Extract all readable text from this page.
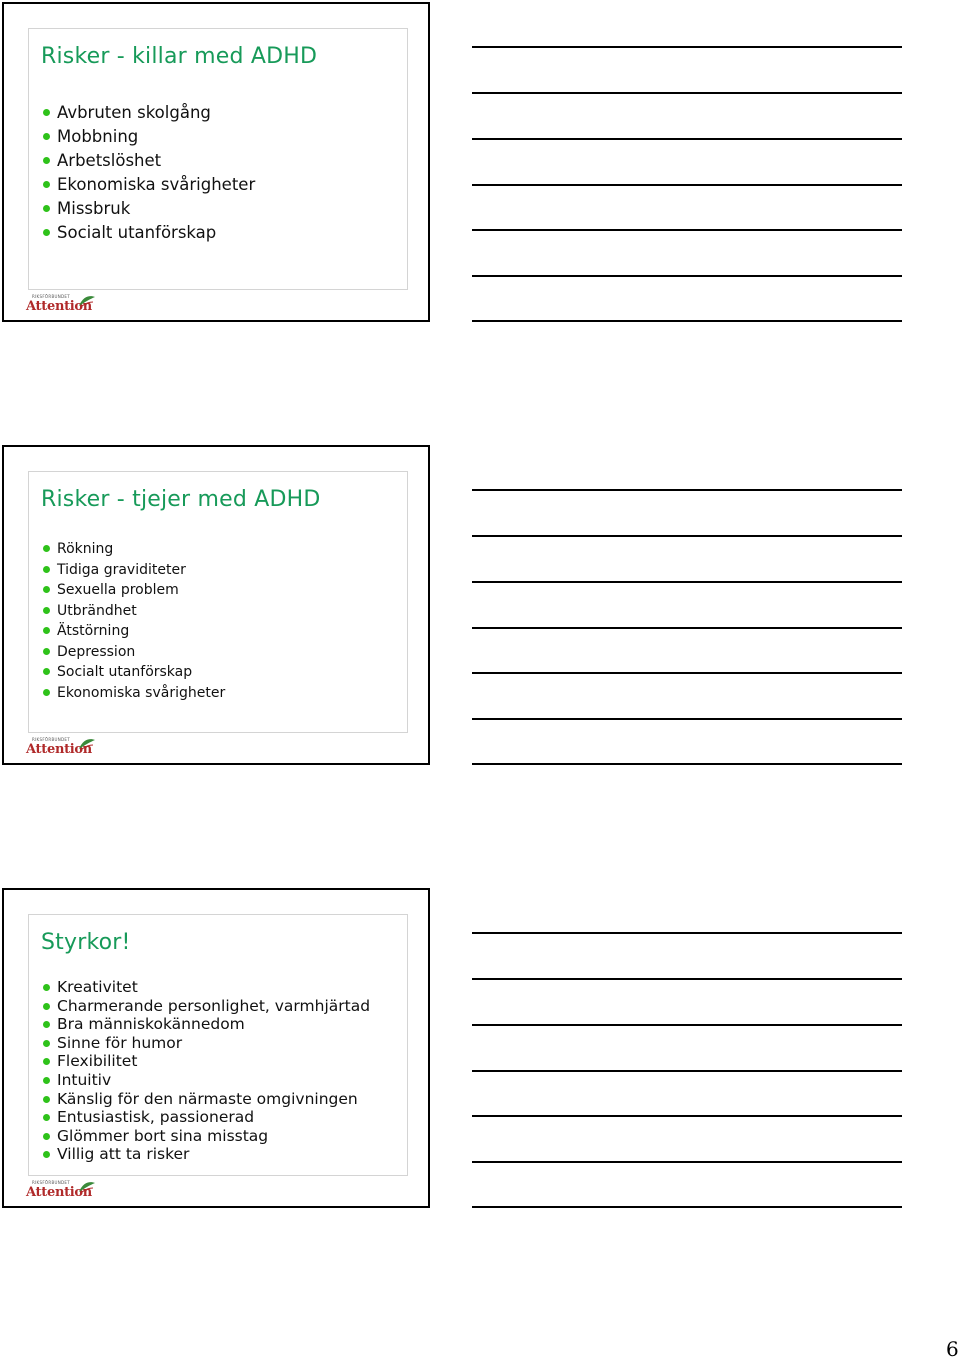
Risker - killar med ADHD
Avbruten skolgång
Mobbning
Arbetslöshet
Ekonomiska svårigheter
Missbruk
Socialt utanförskap
RIKSFÖRBUNDET
Attention
Risker - tjejer med ADHD
Rökning
Tidiga graviditeter
Sexuella problem
Utbrändhet
Ätstörning
Depression
Socialt utanförskap
Ekonomiska svårigheter
RIKSFÖRBUNDET
Attention
Styrkor!
Kreativitet
Charmerande personlighet, varmhjärtad
Bra människokännedom
Sinne för humor
Flexibilitet
Intuitiv
Känslig för den närmaste omgivningen
Entusiastisk, passionerad
Glömmer bort sina misstag
Villig att ta risker
RIKSFÖRBUNDET
Attention
6
